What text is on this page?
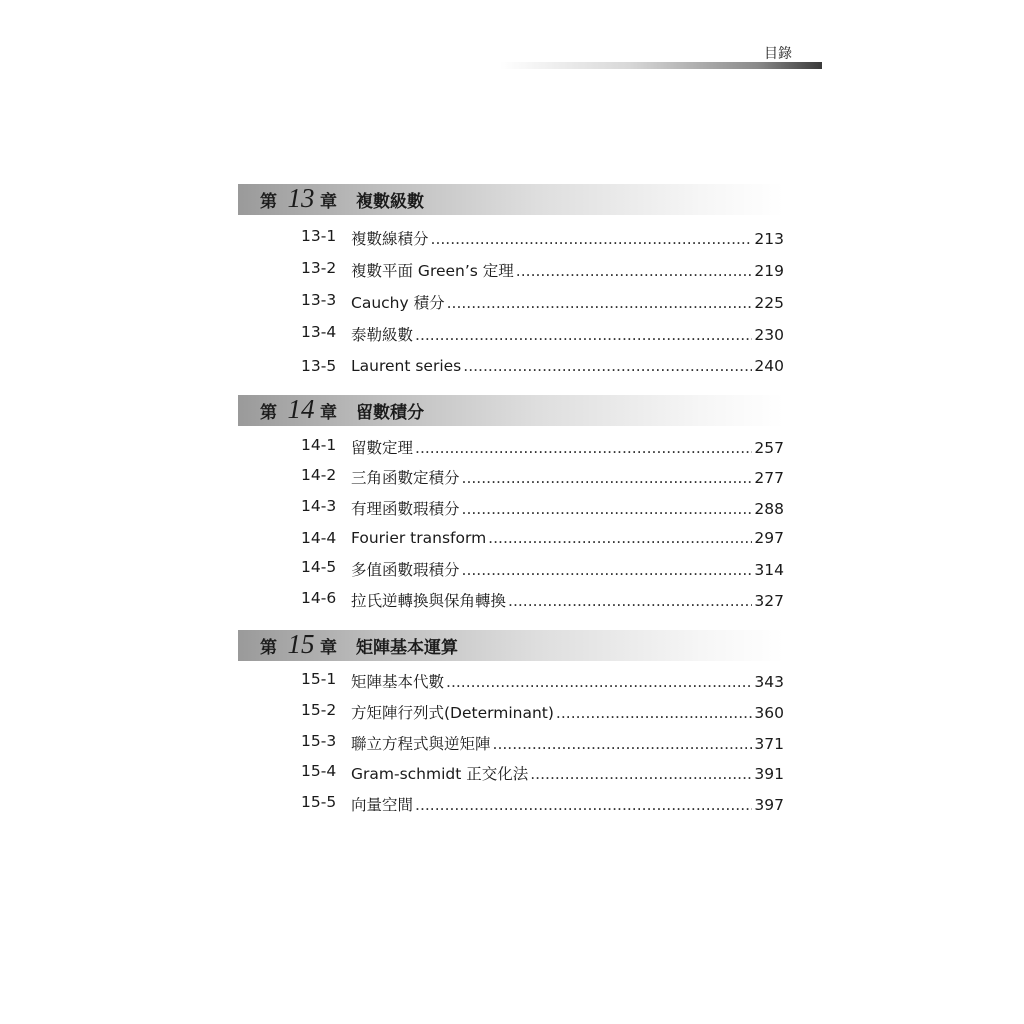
目錄
第 13 章 複數級數
13-1 複數線積分 .....	213
13-2 複數平面 Green’s 定理 .....	219
13-3 Cauchy 積分 .....	225
13-4 泰勒級數 .....	230
13-5 Laurent series .....	240
第 14 章 留數積分
14-1 留數定理 .....	257
14-2 三角函數定積分 .....	277
14-3 有理函數瑕積分 .....	288
14-4 Fourier transform .....	297
14-5 多值函數瑕積分 .....	314
14-6 拉氏逆轉換與保角轉換 .....	327
第 15 章 矩陣基本運算
15-1 矩陣基本代數 .....	343
15-2 方矩陣行列式(Determinant) .....	360
15-3 聯立方程式與逆矩陣 .....	371
15-4 Gram-schmidt 正交化法 .....	391
15-5 向量空間 .....	397
